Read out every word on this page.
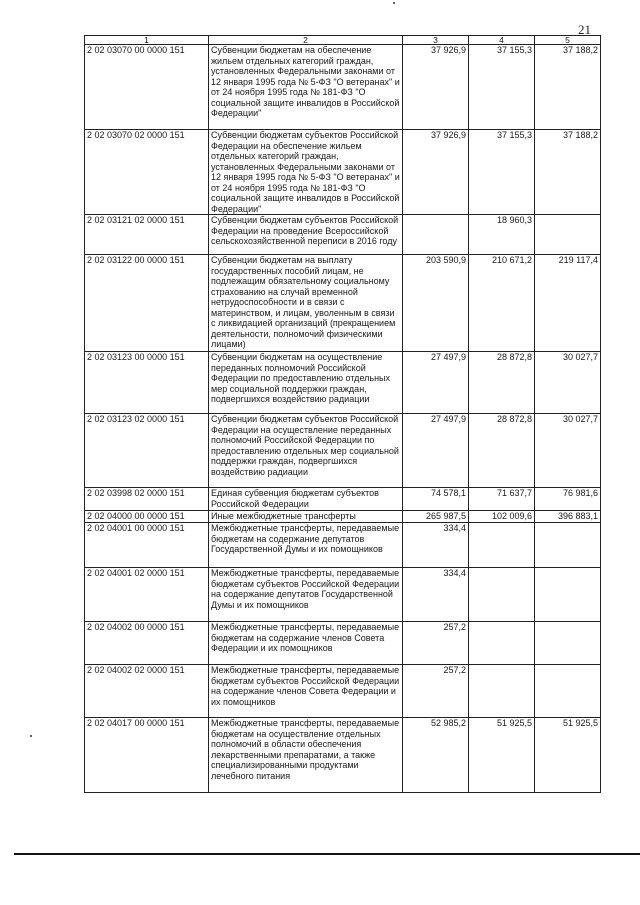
21
1	2	3	4	5
2 02 03070 00 0000 151	Субвенции бюджетам на обеспечение жильем отдельных категорий граждан, установленных Федеральными законами от 12 января 1995 года № 5-ФЗ "О ветеранах" и от 24 ноября 1995 года № 181-ФЗ "О социальной защите инвалидов в Российской Федерации"	37 926,9	37 155,3	37 188,2
2 02 03070 02 0000 151	Субвенции бюджетам субъектов Российской Федерации на обеспечение жильем отдельных категорий граждан, установленных Федеральными законами от 12 января 1995 года № 5-ФЗ "О ветеранах" и от 24 ноября 1995 года № 181-ФЗ "О социальной защите инвалидов в Российской Федерации"	37 926,9	37 155,3	37 188,2
2 02 03121 02 0000 151	Субвенции бюджетам субъектов Российской Федерации на проведение Всероссийской сельскохозяйственной переписи в 2016 году		18 960,3	
2 02 03122 00 0000 151	Субвенции бюджетам на выплату государственных пособий лицам, не подлежащим обязательному социальному страхованию на случай временной нетрудоспособности и в связи с материнством, и лицам, уволенным в связи с ликвидацией организаций (прекращением деятельности, полномочий физическими лицами)	203 590,9	210 671,2	219 117,4
2 02 03123 00 0000 151	Субвенции бюджетам на осуществление переданных полномочий Российской Федерации по предоставлению отдельных мер социальной поддержки граждан, подвергшихся воздействию радиации	27 497,9	28 872,8	30 027,7
2 02 03123 02 0000 151	Субвенции бюджетам субъектов Российской Федерации на осуществление переданных полномочий Российской Федерации по предоставлению отдельных мер социальной поддержки граждан, подвергшихся воздействию радиации	27 497,9	28 872,8	30 027,7
2 02 03998 02 0000 151	Единая субвенция бюджетам субъектов Российской Федерации	74 578,1	71 637,7	76 981,6
2 02 04000 00 0000 151	Иные межбюджетные трансферты	265 987,5	102 009,6	396 883,1
2 02 04001 00 0000 151	Межбюджетные трансферты, передаваемые бюджетам на содержание депутатов Государственной Думы и их помощников	334,4		
2 02 04001 02 0000 151	Межбюджетные трансферты, передаваемые бюджетам субъектов Российской Федерации на содержание депутатов Государственной Думы и их помощников	334,4		
2 02 04002 00 0000 151	Межбюджетные трансферты, передаваемые бюджетам на содержание членов Совета Федерации и их помощников	257,2		
2 02 04002 02 0000 151	Межбюджетные трансферты, передаваемые бюджетам субъектов Российской Федерации на содержание членов Совета Федерации и их помощников	257,2		
2 02 04017 00 0000 151	Межбюджетные трансферты, передаваемые бюджетам на осуществление отдельных полномочий в области обеспечения лекарственными препаратами, а также специализированными продуктами лечебного питания	52 985,2	51 925,5	51 925,5
